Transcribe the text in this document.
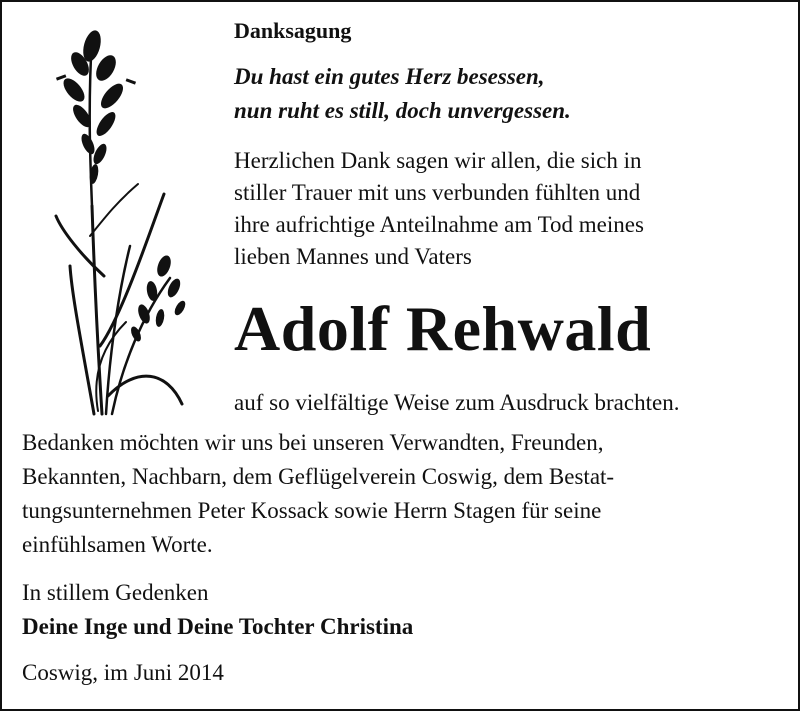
Danksagung
Du hast ein gutes Herz besessen,
nun ruht es still, doch unvergessen.
Herzlichen Dank sagen wir allen, die sich in
stiller Trauer mit uns verbunden fühlten und
ihre aufrichtige Anteilnahme am Tod meines
lieben Mannes und Vaters
Adolf Rehwald
auf so vielfältige Weise zum Ausdruck brachten.
Bedanken möchten wir uns bei unseren Verwandten, Freunden,
Bekannten, Nachbarn, dem Geflügelverein Coswig, dem Bestat-
tungsunternehmen Peter Kossack sowie Herrn Stagen für seine
einfühlsamen Worte.
In stillem Gedenken
Deine Inge und Deine Tochter Christina
Coswig, im Juni 2014
